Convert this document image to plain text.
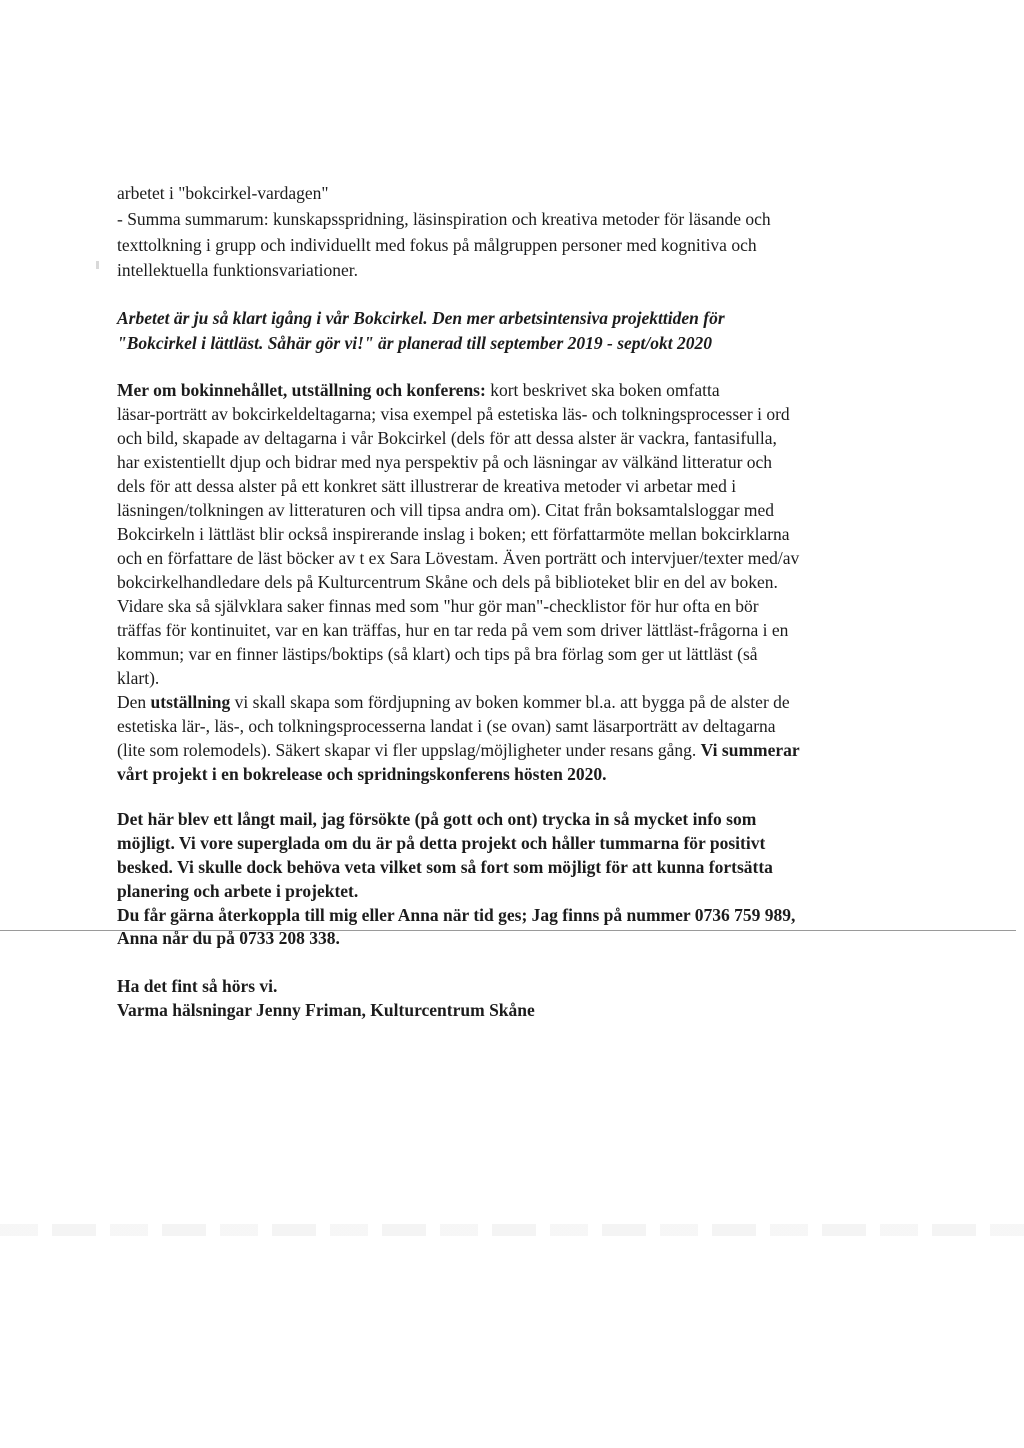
arbetet i "bokcirkel-vardagen"

- Summa summarum: kunskapsspridning, läsinspiration och kreativa metoder för läsande och

texttolkning i grupp och individuellt med fokus på målgruppen personer med kognitiva och

intellektuella funktionsvariationer.

Arbetet är ju så klart igång i vår Bokcirkel. Den mer arbetsintensiva projekttiden för

"Bokcirkel i lättläst. Såhär gör vi!" är planerad till september 2019 - sept/okt 2020

Mer om bokinnehållet, utställning och konferens: kort beskrivet ska boken omfatta

läsar-porträtt av bokcirkeldeltagarna; visa exempel på estetiska läs- och tolkningsprocesser i ord

och bild, skapade av deltagarna i vår Bokcirkel (dels för att dessa alster är vackra, fantasifulla,

har existentiellt djup och bidrar med nya perspektiv på och läsningar av välkänd litteratur och

dels för att dessa alster på ett konkret sätt illustrerar de kreativa metoder vi arbetar med i

läsningen/tolkningen av litteraturen och vill tipsa andra om). Citat från boksamtalsloggar med

Bokcirkeln i lättläst blir också inspirerande inslag i boken; ett författarmöte mellan bokcirklarna

och en författare de läst böcker av t ex Sara Lövestam. Även porträtt och intervjuer/texter med/av

bokcirkelhandledare dels på Kulturcentrum Skåne och dels på biblioteket blir en del av boken.

Vidare ska så självklara saker finnas med som "hur gör man"-checklistor för hur ofta en bör

träffas för kontinuitet, var en kan träffas, hur en tar reda på vem som driver lättläst-frågorna i en

kommun; var en finner lästips/boktips (så klart) och tips på bra förlag som ger ut lättläst (så

klart).

Den utställning vi skall skapa som fördjupning av boken kommer bl.a. att bygga på de alster de

estetiska lär-, läs-, och tolkningsprocesserna landat i (se ovan) samt läsarporträtt av deltagarna

(lite som rolemodels). Säkert skapar vi fler uppslag/möjligheter under resans gång. Vi summerar

vårt projekt i en bokrelease och spridningskonferens hösten 2020.

Det här blev ett långt mail, jag försökte (på gott och ont) trycka in så mycket info som

möjligt. Vi vore superglada om du är på detta projekt och håller tummarna för positivt

besked. Vi skulle dock behöva veta vilket som så fort som möjligt för att kunna fortsätta

planering och arbete i projektet.

Du får gärna återkoppla till mig eller Anna när tid ges; Jag finns på nummer 0736 759 989,

Anna når du på 0733 208 338.

Ha det fint så hörs vi.

Varma hälsningar Jenny Friman, Kulturcentrum Skåne
